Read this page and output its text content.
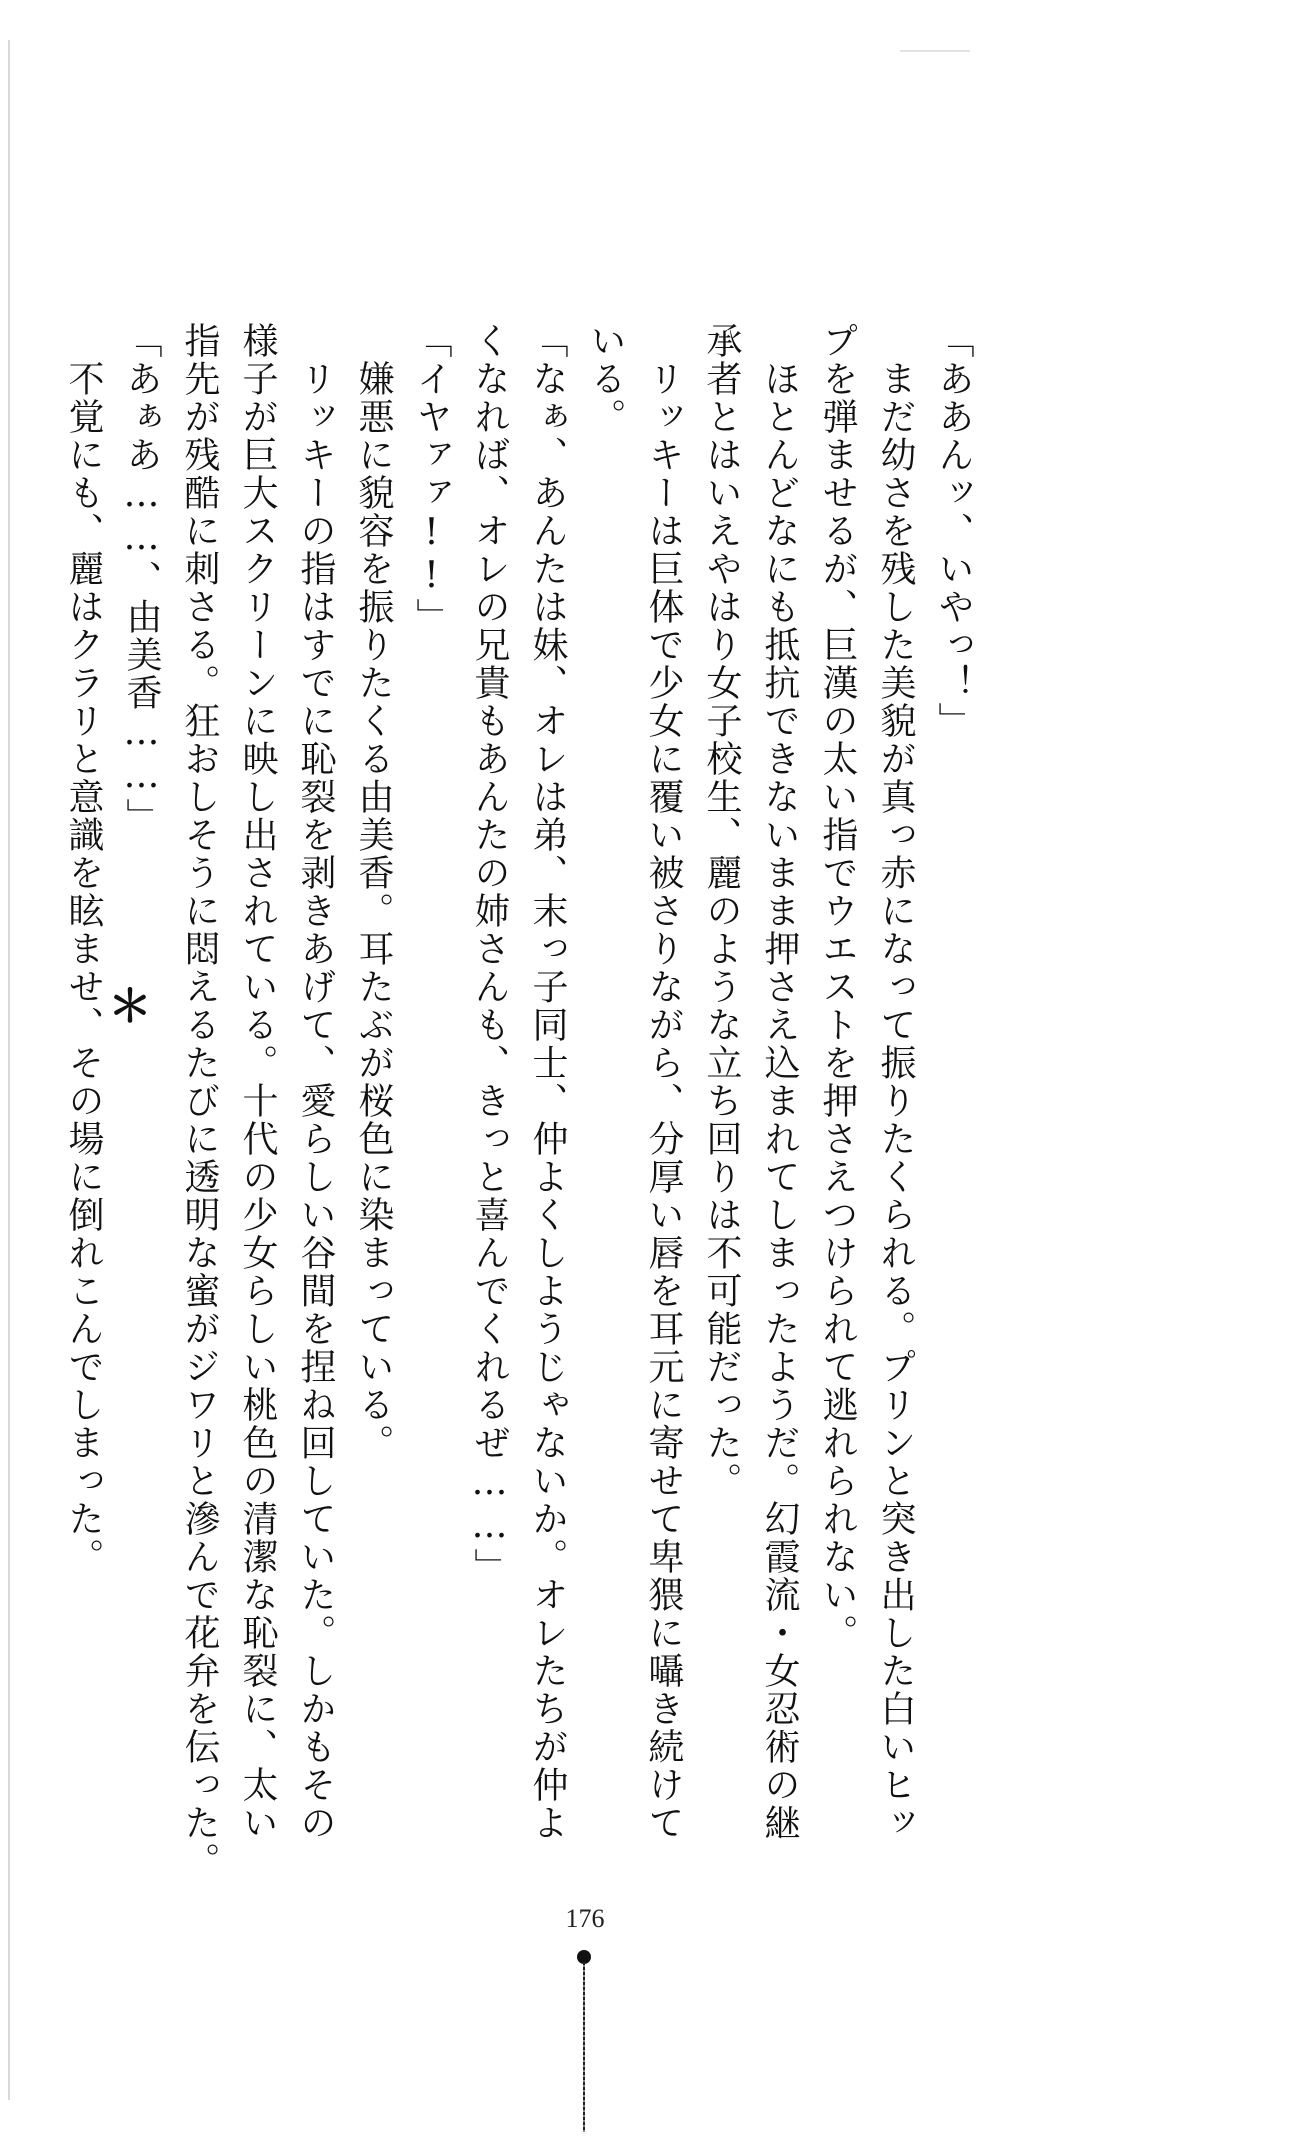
「ああんッ、いやっ！」
　まだ幼さを残した美貌が真っ赤になって振りたくられる。プリンと突き出した白いヒッ
プを弾ませるが、巨漢の太い指でウエストを押さえつけられて逃れられない。
　ほとんどなにも抵抗できないまま押さえ込まれてしまったようだ。幻霞流・女忍術の継
承者とはいえやはり女子校生、麗のような立ち回りは不可能だった。
　リッキーは巨体で少女に覆い被さりながら、分厚い唇を耳元に寄せて卑猥に囁き続けて
いる。
「なぁ、あんたは妹、オレは弟、末っ子同士、仲よくしようじゃないか。オレたちが仲よ
くなれば、オレの兄貴もあんたの姉さんも、きっと喜んでくれるぜ……」
「イヤァァ!!」
　嫌悪に貌容を振りたくる由美香。耳たぶが桜色に染まっている。
　リッキーの指はすでに恥裂を剥きあげて、愛らしい谷間を捏ね回していた。しかもその
様子が巨大スクリーンに映し出されている。十代の少女らしい桃色の清潔な恥裂に、太い
指先が残酷に刺さる。狂おしそうに悶えるたびに透明な蜜がジワリと滲んで花弁を伝った。
「あぁあ……、由美香……」
　不覚にも、麗はクラリと意識を眩ませ、その場に倒れこんでしまった。 ＊
176
